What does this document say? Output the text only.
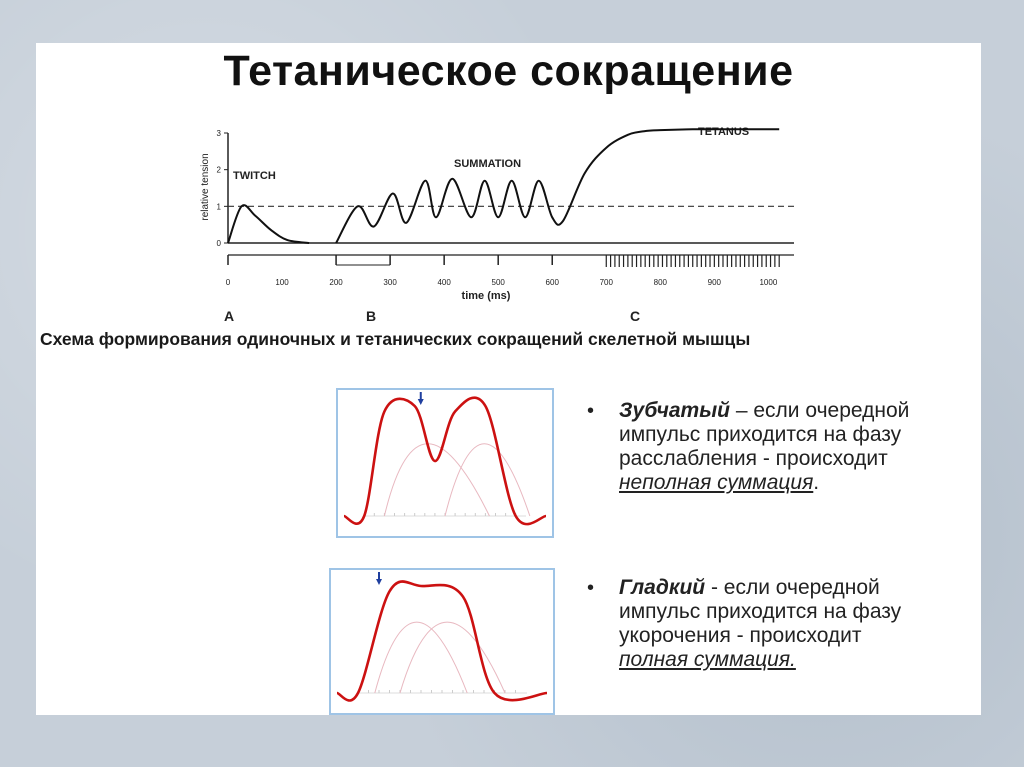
Тетаническое сокращение
relative tension
time (ms)
TWITCH
SUMMATION
TETANUS
A	B	C
0
1
2
3
0	100	200	300	400	500	600	700	800	900	1000
Схема формирования одиночных и тетанических сокращений скелетной мышцы
• Зубчатый – если очередной
импульс приходится на фазу
расслабления - происходит
неполная суммация.
• Гладкий - если очередной
импульс приходится на фазу
укорочения - происходит
полная суммация.
